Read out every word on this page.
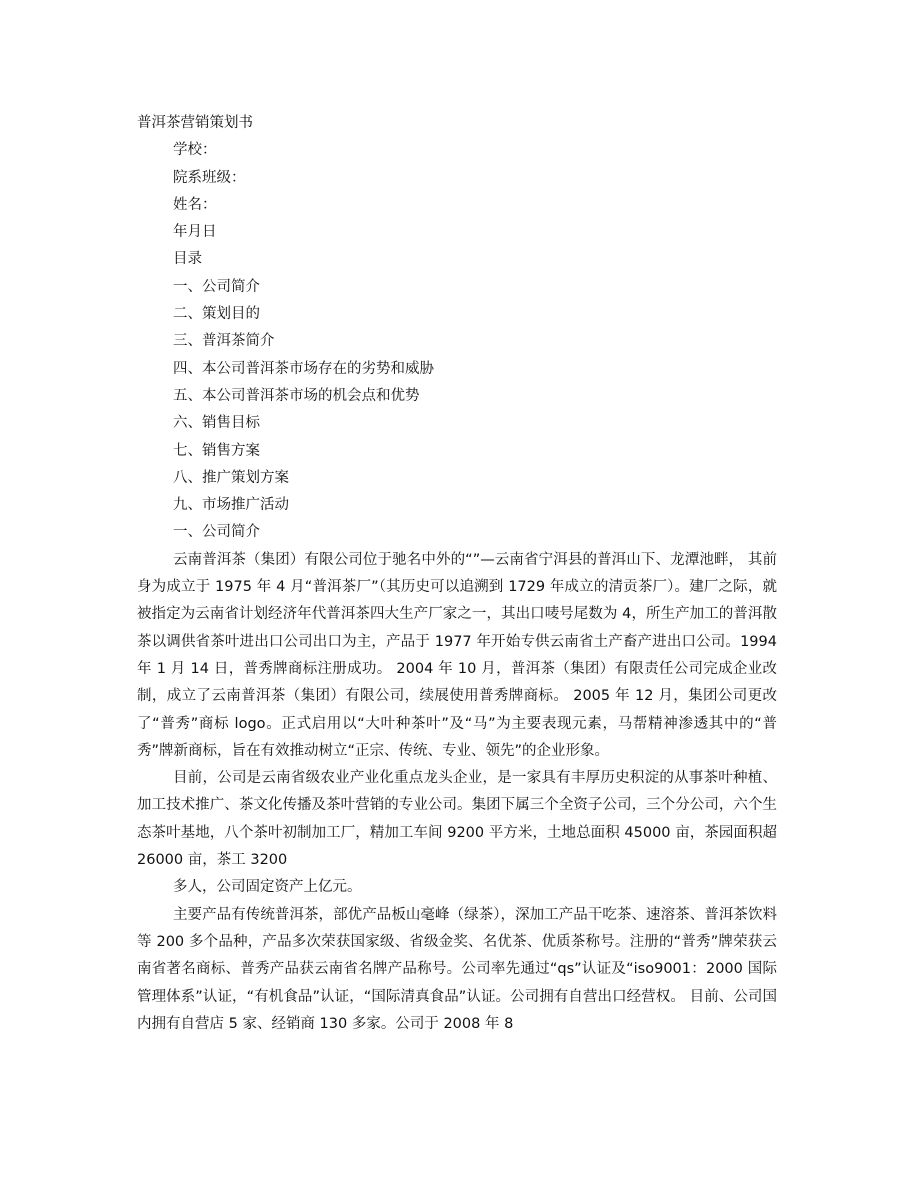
普洱茶营销策划书
学校：
院系班级：
姓名：
年月日
目录
一、公司简介
二、策划目的
三、普洱茶简介
四、本公司普洱茶市场存在的劣势和威胁
五、本公司普洱茶市场的机会点和优势
六、销售目标
七、销售方案
八、推广策划方案
九、市场推广活动
一、公司简介

云南普洱茶（集团）有限公司位于驰名中外的“”—云南省宁洱县的普洱山下、龙潭池畔， 其前身为成立于 1975 年 4 月“普洱茶厂”（其历史可以追溯到 1729 年成立的清贡茶厂）。建厂之际，就被指定为云南省计划经济年代普洱茶四大生产厂家之一，其出口唛号尾数为 4，所生产加工的普洱散茶以调供省茶叶进出口公司出口为主，产品于 1977 年开始专供云南省土产畜产进出口公司。1994 年 1 月 14 日，普秀牌商标注册成功。 2004 年 10 月，普洱茶（集团）有限责任公司完成企业改制，成立了云南普洱茶（集团）有限公司，续展使用普秀牌商标。 2005 年 12 月，集团公司更改了“普秀”商标 logo。正式启用以“大叶种茶叶”及“马”为主要表现元素，马帮精神渗透其中的“普秀”牌新商标，旨在有效推动树立“正宗、传统、专业、领先”的企业形象。

目前，公司是云南省级农业产业化重点龙头企业，是一家具有丰厚历史积淀的从事茶叶种植、加工技术推广、茶文化传播及茶叶营销的专业公司。集团下属三个全资子公司，三个分公司，六个生态茶叶基地，八个茶叶初制加工厂，精加工车间 9200 平方米，土地总面积 45000 亩，茶园面积超 26000 亩，茶工 3200

多人，公司固定资产上亿元。

主要产品有传统普洱茶，部优产品板山毫峰（绿茶），深加工产品干吃茶、速溶茶、普洱茶饮料等 200 多个品种，产品多次荣获国家级、省级金奖、名优茶、优质茶称号。注册的“普秀”牌荣获云南省著名商标、普秀产品获云南省名牌产品称号。公司率先通过“qs”认证及“iso9001：2000 国际管理体系”认证，“有机食品”认证，“国际清真食品”认证。公司拥有自营出口经营权。 目前、公司国内拥有自营店 5 家、经销商 130 多家。公司于 2008 年 8
